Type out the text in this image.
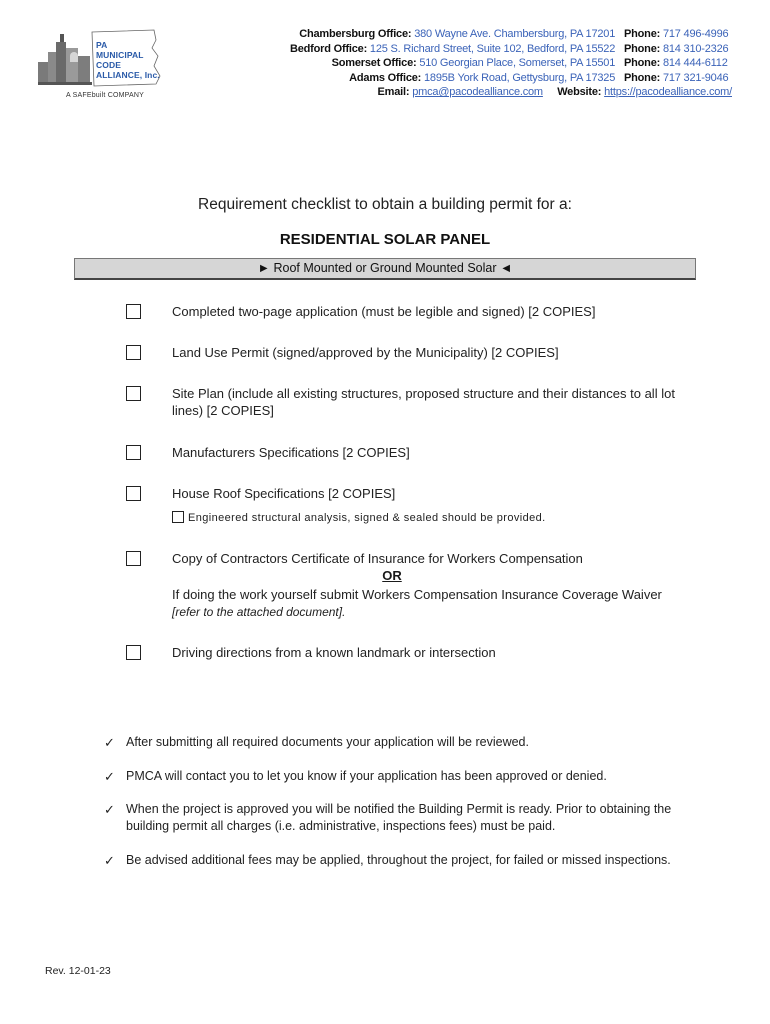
PA
MUNICIPAL
CODE
ALLIANCE, Inc.
A SAFEbuilt COMPANY
Chambersburg Office: 380 Wayne Ave. Chambersburg, PA 17201 Phone: 717 496-4996
Bedford Office: 125 S. Richard Street, Suite 102, Bedford, PA 15522 Phone: 814 310-2326
Somerset Office: 510 Georgian Place, Somerset, PA 15501 Phone: 814 444-6112
Adams Office: 1895B York Road, Gettysburg, PA 17325 Phone: 717 321-9046
Email: pmca@pacodealliance.com Website: https://pacodealliance.com/
Requirement checklist to obtain a building permit for a:
RESIDENTIAL SOLAR PANEL
► Roof Mounted or Ground Mounted Solar ◄
Completed two-page application (must be legible and signed) [2 COPIES]
Land Use Permit (signed/approved by the Municipality) [2 COPIES]
Site Plan (include all existing structures, proposed structure and their distances to all lot lines) [2 COPIES]
Manufacturers Specifications [2 COPIES]
House Roof Specifications [2 COPIES]
Engineered structural analysis, signed & sealed should be provided.
Copy of Contractors Certificate of Insurance for Workers Compensation
OR
If doing the work yourself submit Workers Compensation Insurance Coverage Waiver
[refer to the attached document].
Driving directions from a known landmark or intersection
✓ After submitting all required documents your application will be reviewed.
✓ PMCA will contact you to let you know if your application has been approved or denied.
✓ When the project is approved you will be notified the Building Permit is ready. Prior to obtaining the building permit all charges (i.e. administrative, inspections fees) must be paid.
✓ Be advised additional fees may be applied, throughout the project, for failed or missed inspections.
Rev. 12-01-23
